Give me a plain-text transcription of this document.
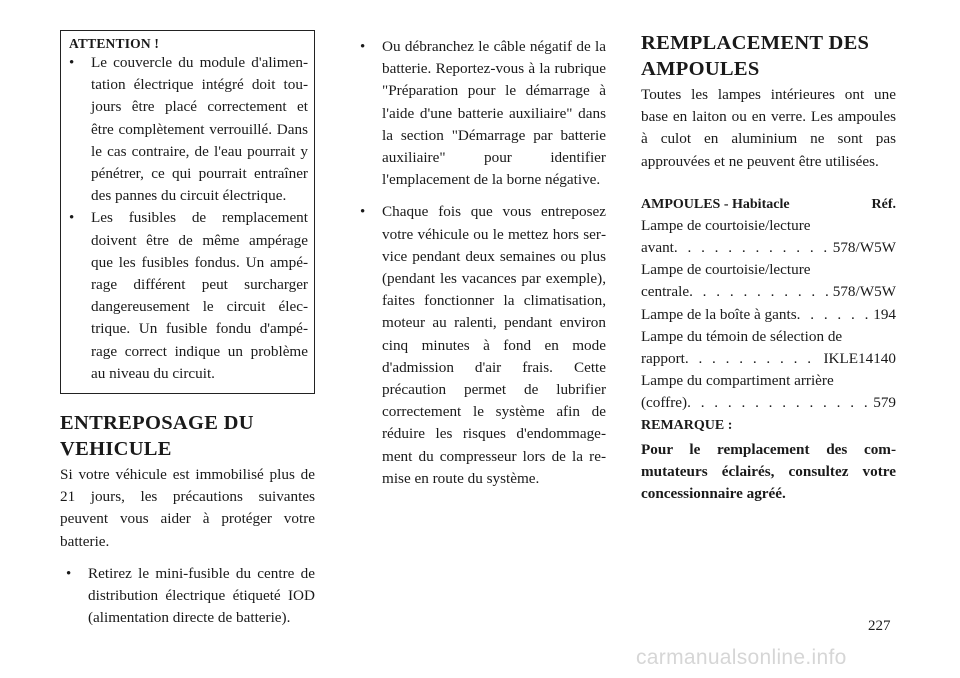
ATTENTION !
• Le couvercle du module d'alimentation électrique intégré doit toujours être placé correctement et être complètement verrouillé. Dans le cas contraire, de l'eau pourrait y pénétrer, ce qui pourrait entraîner des pannes du circuit électrique.
• Les fusibles de remplacement doivent être de même ampérage que les fusibles fondus. Un ampérage différent peut surcharger dangereusement le circuit électrique. Un fusible fondu d'ampérage correct indique un problème au niveau du circuit.
ENTREPOSAGE DU VEHICULE
Si votre véhicule est immobilisé plus de 21 jours, les précautions suivantes peuvent vous aider à protéger votre batterie.
• Retirez le mini-fusible du centre de distribution électrique étiqueté IOD (alimentation directe de batterie).
• Ou débranchez le câble négatif de la batterie. Reportez-vous à la rubrique "Préparation pour le démarrage à l'aide d'une batterie auxiliaire" dans la section "Démarrage par batterie auxiliaire" pour identifier l'emplacement de la borne négative.
• Chaque fois que vous entreposez votre véhicule ou le mettez hors service pendant deux semaines ou plus (pendant les vacances par exemple), faites fonctionner la climatisation, moteur au ralenti, pendant environ cinq minutes à fond en mode d'admission d'air frais. Cette précaution permet de lubrifier correctement le système afin de réduire les risques d'endommagement du compresseur lors de la remise en route du système.
REMPLACEMENT DES AMPOULES
Toutes les lampes intérieures ont une base en laiton ou en verre. Les ampoules à culot en aluminium ne sont pas approuvées et ne peuvent être utilisées.
AMPOULES - Habitacle	Réf.
Lampe de courtoisie/lecture
avant . . .	578/W5W
Lampe de courtoisie/lecture
centrale . . .	578/W5W
Lampe de la boîte à gants . . .	194
Lampe du témoin de sélection de
rapport . . .	IKLE14140
Lampe du compartiment arrière
(coffre) . . .	579
REMARQUE :
Pour le remplacement des commutateurs éclairés, consultez votre concessionnaire agréé.
227
carmanualsonline.info
